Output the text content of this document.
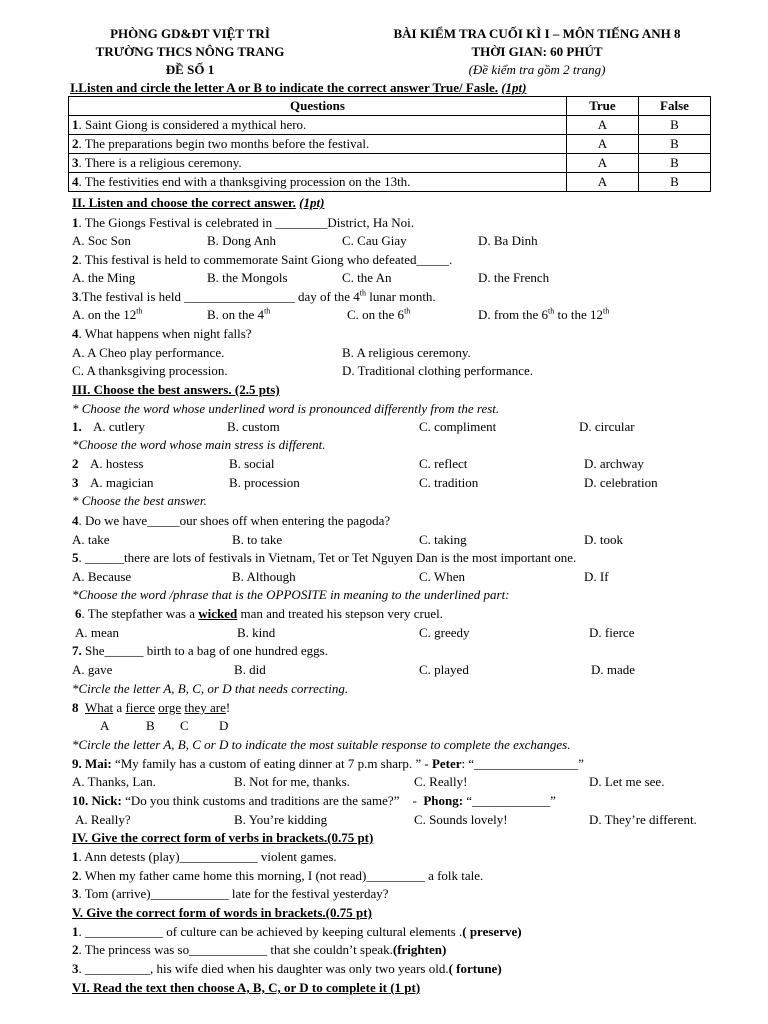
PHÒNG GD&ĐT VIỆT TRÌ
TRƯỜNG THCS NÔNG TRANG
ĐỀ SỐ 1
BÀI KIỂM TRA CUỐI KÌ I – MÔN TIẾNG ANH 8
THỜI GIAN: 60 PHÚT
(Đề kiểm tra gồm 2 trang)
I.Listen and circle the letter A or B to indicate the correct answer True/ Fasle. (1pt)
Questions	True	False
1. Saint Giong is considered a mythical hero.	A	B
2. The preparations begin two months before the festival.	A	B
3. There is a religious ceremony.	A	B
4. The festivities end with a thanksgiving procession on the 13th.	A	B
II. Listen and choose the correct answer. (1pt)
1. The Giongs Festival is celebrated in ________District, Ha Noi.
A. Soc Son	B. Dong Anh	C. Cau Giay	D. Ba Dinh
2. This festival is held to commemorate Saint Giong who defeated_____.
A. the Ming	B. the Mongols	C. the An	D. the French
3.The festival is held _________________ day of the 4th lunar month.
A. on the 12th	B. on the 4th	C. on the 6th	D. from the 6th to the 12th
4. What happens when night falls?
A. A Cheo play performance.	B. A religious ceremony.
C. A thanksgiving procession.	D. Traditional clothing performance.
III. Choose the best answers. (2.5 pts)
* Choose the word whose underlined word is pronounced differently from the rest.
1. A. cutlery	B. custom	C. compliment	D. circular
*Choose the word whose main stress is different.
2 A. hostess	B. social	C. reflect	D. archway
3 A. magician	B. procession	C. tradition	D. celebration
* Choose the best answer.
4. Do we have_____our shoes off when entering the pagoda?
A. take	B. to take	C. taking	D. took
5. ______there are lots of festivals in Vietnam, Tet or Tet Nguyen Dan is the most important one.
A. Because	B. Although	C. When	D. If
*Choose the word /phrase that is the OPPOSITE in meaning to the underlined part:
6. The stepfather was a wicked man and treated his stepson very cruel.
A. mean	B. kind	C. greedy	D. fierce
7. She______ birth to a bag of one hundred eggs.
A. gave	B. did	C. played	D. made
*Circle the letter A, B, C, or D that needs correcting.
8 What a fierce orge they are!
A	B C D
*Circle the letter A, B, C or D to indicate the most suitable response to complete the exchanges.
9. Mai: “My family has a custom of eating dinner at 7 p.m sharp. ” - Peter: “________________”
A. Thanks, Lan.	B. Not for me, thanks.	C. Really!	D. Let me see.
10. Nick: “Do you think customs and traditions are the same?” - Phong: “____________”
A. Really?	B. You’re kidding	C. Sounds lovely!	D. They’re different.
IV. Give the correct form of verbs in brackets.(0.75 pt)
1. Ann detests (play)____________ violent games.
2. When my father came home this morning, I (not read)_________ a folk tale.
3. Tom (arrive)____________ late for the festival yesterday?
V. Give the correct form of words in brackets.(0.75 pt)
1. ____________ of culture can be achieved by keeping cultural elements .( preserve)
2. The princess was so____________ that she couldn’t speak.(frighten)
3. __________, his wife died when his daughter was only two years old.( fortune)
VI. Read the text then choose A, B, C, or D to complete it (1 pt)
